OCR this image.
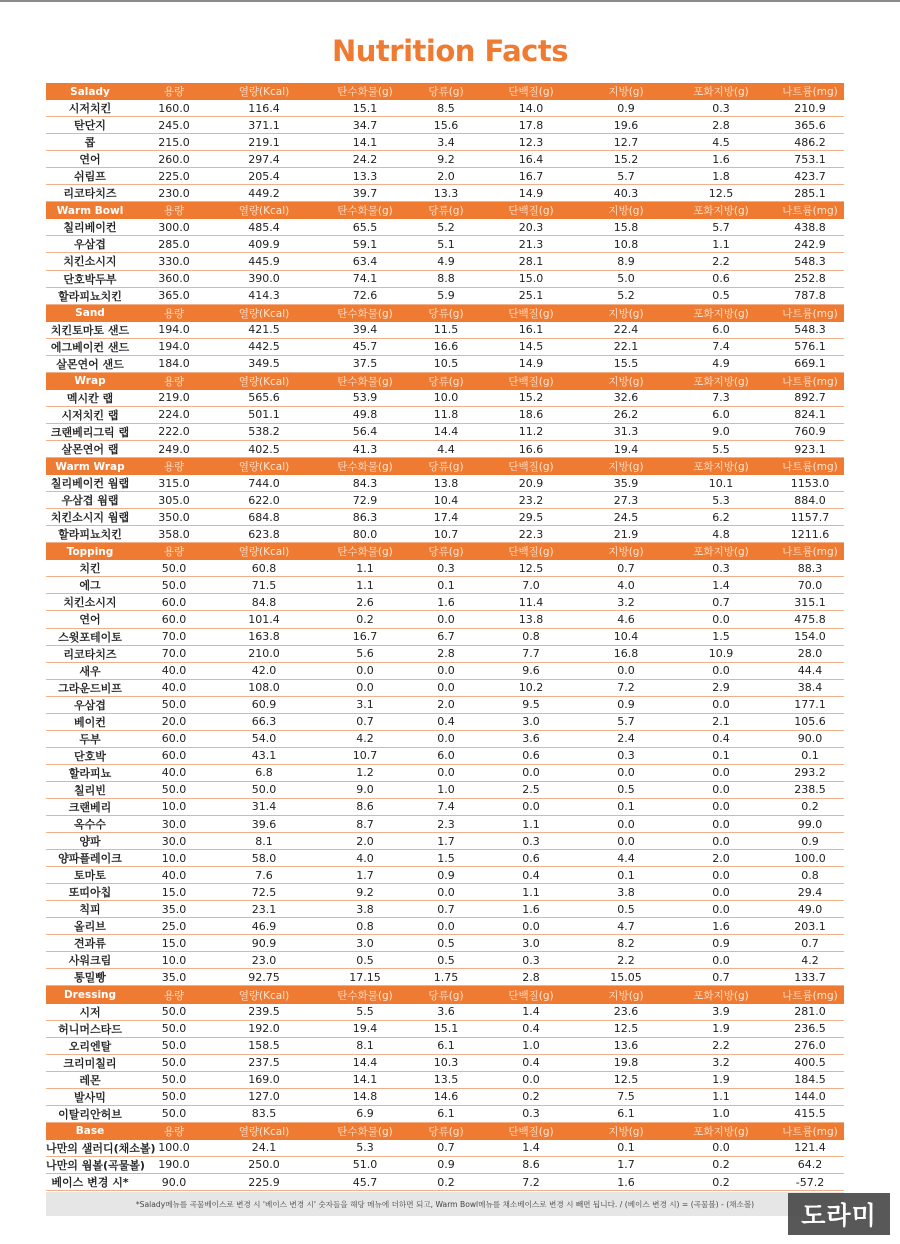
Nutrition Facts
Salady	용량	열량(Kcal)	탄수화물(g)	당류(g)	단백질(g)	지방(g)	포화지방(g)	나트륨(mg)
시저치킨	160.0	116.4	15.1	8.5	14.0	0.9	0.3	210.9
탄단지	245.0	371.1	34.7	15.6	17.8	19.6	2.8	365.6
콥	215.0	219.1	14.1	3.4	12.3	12.7	4.5	486.2
연어	260.0	297.4	24.2	9.2	16.4	15.2	1.6	753.1
쉬림프	225.0	205.4	13.3	2.0	16.7	5.7	1.8	423.7
리코타치즈	230.0	449.2	39.7	13.3	14.9	40.3	12.5	285.1
Warm Bowl	용량	열량(Kcal)	탄수화물(g)	당류(g)	단백질(g)	지방(g)	포화지방(g)	나트륨(mg)
칠리베이컨	300.0	485.4	65.5	5.2	20.3	15.8	5.7	438.8
우삼겹	285.0	409.9	59.1	5.1	21.3	10.8	1.1	242.9
치킨소시지	330.0	445.9	63.4	4.9	28.1	8.9	2.2	548.3
단호박두부	360.0	390.0	74.1	8.8	15.0	5.0	0.6	252.8
할라피뇨치킨	365.0	414.3	72.6	5.9	25.1	5.2	0.5	787.8
Sand	용량	열량(Kcal)	탄수화물(g)	당류(g)	단백질(g)	지방(g)	포화지방(g)	나트륨(mg)
치킨토마토 샌드	194.0	421.5	39.4	11.5	16.1	22.4	6.0	548.3
에그베이컨 샌드	194.0	442.5	45.7	16.6	14.5	22.1	7.4	576.1
살몬연어 샌드	184.0	349.5	37.5	10.5	14.9	15.5	4.9	669.1
Wrap	용량	열량(Kcal)	탄수화물(g)	당류(g)	단백질(g)	지방(g)	포화지방(g)	나트륨(mg)
멕시칸 랩	219.0	565.6	53.9	10.0	15.2	32.6	7.3	892.7
시저치킨 랩	224.0	501.1	49.8	11.8	18.6	26.2	6.0	824.1
크랜베리그릭 랩	222.0	538.2	56.4	14.4	11.2	31.3	9.0	760.9
살몬연어 랩	249.0	402.5	41.3	4.4	16.6	19.4	5.5	923.1
Warm Wrap	용량	열량(Kcal)	탄수화물(g)	당류(g)	단백질(g)	지방(g)	포화지방(g)	나트륨(mg)
칠리베이컨 웜랩	315.0	744.0	84.3	13.8	20.9	35.9	10.1	1153.0
우삼겹 웜랩	305.0	622.0	72.9	10.4	23.2	27.3	5.3	884.0
치킨소시지 웜랩	350.0	684.8	86.3	17.4	29.5	24.5	6.2	1157.7
할라피뇨치킨	358.0	623.8	80.0	10.7	22.3	21.9	4.8	1211.6
Topping	용량	열량(Kcal)	탄수화물(g)	당류(g)	단백질(g)	지방(g)	포화지방(g)	나트륨(mg)
치킨	50.0	60.8	1.1	0.3	12.5	0.7	0.3	88.3
에그	50.0	71.5	1.1	0.1	7.0	4.0	1.4	70.0
치킨소시지	60.0	84.8	2.6	1.6	11.4	3.2	0.7	315.1
연어	60.0	101.4	0.2	0.0	13.8	4.6	0.0	475.8
스윗포테이토	70.0	163.8	16.7	6.7	0.8	10.4	1.5	154.0
리코타치즈	70.0	210.0	5.6	2.8	7.7	16.8	10.9	28.0
새우	40.0	42.0	0.0	0.0	9.6	0.0	0.0	44.4
그라운드비프	40.0	108.0	0.0	0.0	10.2	7.2	2.9	38.4
우삼겹	50.0	60.9	3.1	2.0	9.5	0.9	0.0	177.1
베이컨	20.0	66.3	0.7	0.4	3.0	5.7	2.1	105.6
두부	60.0	54.0	4.2	0.0	3.6	2.4	0.4	90.0
단호박	60.0	43.1	10.7	6.0	0.6	0.3	0.1	0.1
할라피뇨	40.0	6.8	1.2	0.0	0.0	0.0	0.0	293.2
칠리빈	50.0	50.0	9.0	1.0	2.5	0.5	0.0	238.5
크랜베리	10.0	31.4	8.6	7.4	0.0	0.1	0.0	0.2
옥수수	30.0	39.6	8.7	2.3	1.1	0.0	0.0	99.0
양파	30.0	8.1	2.0	1.7	0.3	0.0	0.0	0.9
양파플레이크	10.0	58.0	4.0	1.5	0.6	4.4	2.0	100.0
토마토	40.0	7.6	1.7	0.9	0.4	0.1	0.0	0.8
또띠아칩	15.0	72.5	9.2	0.0	1.1	3.8	0.0	29.4
칙피	35.0	23.1	3.8	0.7	1.6	0.5	0.0	49.0
올리브	25.0	46.9	0.8	0.0	0.0	4.7	1.6	203.1
견과류	15.0	90.9	3.0	0.5	3.0	8.2	0.9	0.7
사워크림	10.0	23.0	0.5	0.5	0.3	2.2	0.0	4.2
통밀빵	35.0	92.75	17.15	1.75	2.8	15.05	0.7	133.7
Dressing	용량	열량(Kcal)	탄수화물(g)	당류(g)	단백질(g)	지방(g)	포화지방(g)	나트륨(mg)
시저	50.0	239.5	5.5	3.6	1.4	23.6	3.9	281.0
허니머스타드	50.0	192.0	19.4	15.1	0.4	12.5	1.9	236.5
오리엔탈	50.0	158.5	8.1	6.1	1.0	13.6	2.2	276.0
크리미칠리	50.0	237.5	14.4	10.3	0.4	19.8	3.2	400.5
레몬	50.0	169.0	14.1	13.5	0.0	12.5	1.9	184.5
발사믹	50.0	127.0	14.8	14.6	0.2	7.5	1.1	144.0
이탈리안허브	50.0	83.5	6.9	6.1	0.3	6.1	1.0	415.5
Base	용량	열량(Kcal)	탄수화물(g)	당류(g)	단백질(g)	지방(g)	포화지방(g)	나트륨(mg)
나만의 샐러디(채소볼) 100.0	24.1	5.3	0.7	1.4	0.1	0.0	121.4
나만의 웜볼(곡물볼)	190.0	250.0	51.0	0.9	8.6	1.7	0.2	64.2
베이스 변경 시*	90.0	225.9	45.7	0.2	7.2	1.6	0.2	-57.2
*Salady메뉴를 곡물베이스로 변경 시 '베이스 변경 시' 숫자들을 해당 메뉴에 더하면 되고, Warm Bowl메뉴를 채소베이스로 변경 시 빼면 됩니다. / (베이스 변경 시) = (곡물볼) - (채소볼)	도라미
